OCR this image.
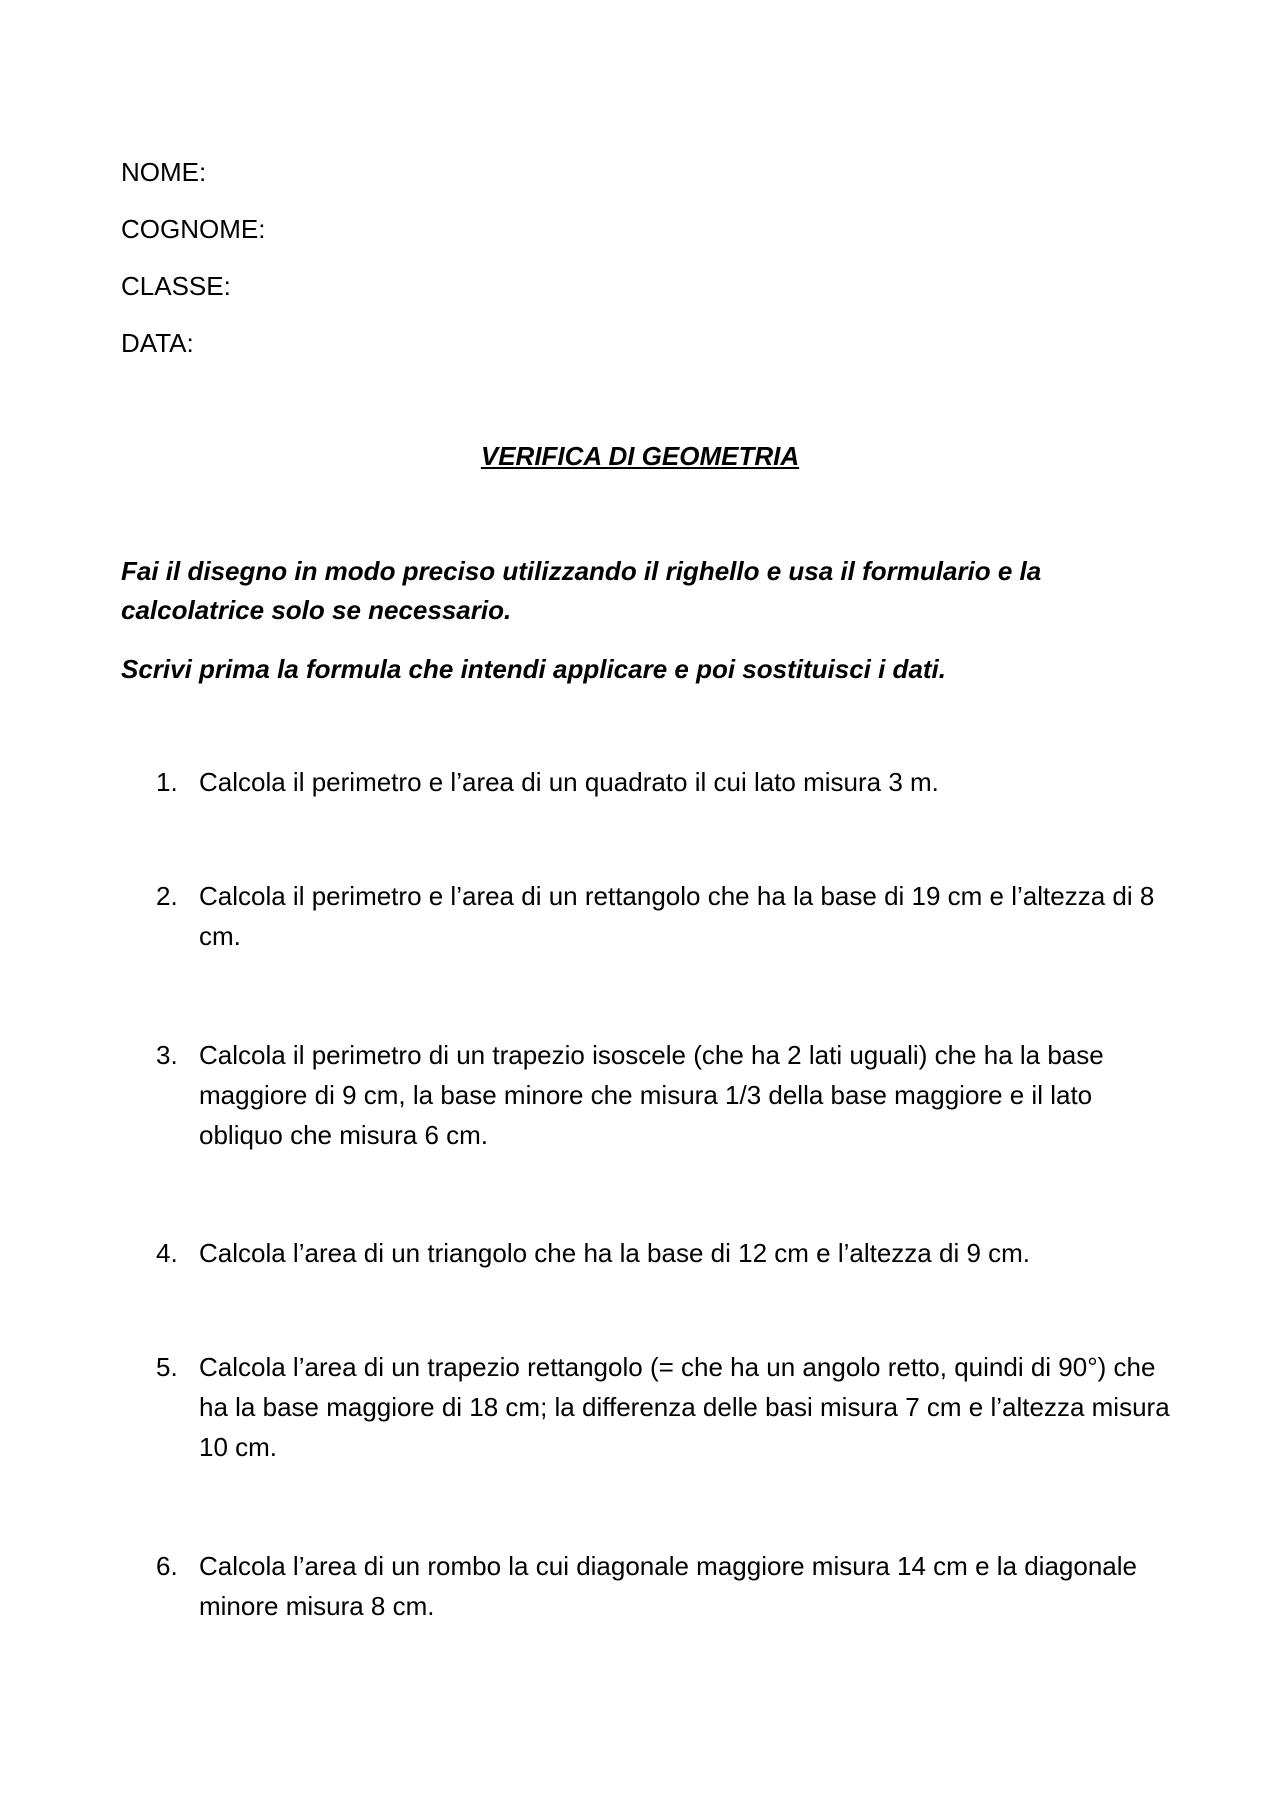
NOME:
COGNOME:
CLASSE:
DATA:
VERIFICA DI GEOMETRIA
Fai il disegno in modo preciso utilizzando il righello e usa il formulario e la calcolatrice solo se necessario.
Scrivi prima la formula che intendi applicare e poi sostituisci i dati.
1. Calcola il perimetro e l’area di un quadrato il cui lato misura 3 m.
2. Calcola il perimetro e l’area di un rettangolo che ha la base di 19 cm e l’altezza di 8 cm.
3. Calcola il perimetro di un trapezio isoscele (che ha 2 lati uguali) che ha la base maggiore di 9 cm, la base minore che misura 1/3 della base maggiore e il lato obliquo che misura 6 cm.
4. Calcola l’area di un triangolo che ha la base di 12 cm e l’altezza di 9 cm.
5. Calcola l’area di un trapezio rettangolo (= che ha un angolo retto, quindi di 90°) che ha la base maggiore di 18 cm; la differenza delle basi misura 7 cm e l’altezza misura 10 cm.
6. Calcola l’area di un rombo la cui diagonale maggiore misura 14 cm e la diagonale minore misura 8 cm.
